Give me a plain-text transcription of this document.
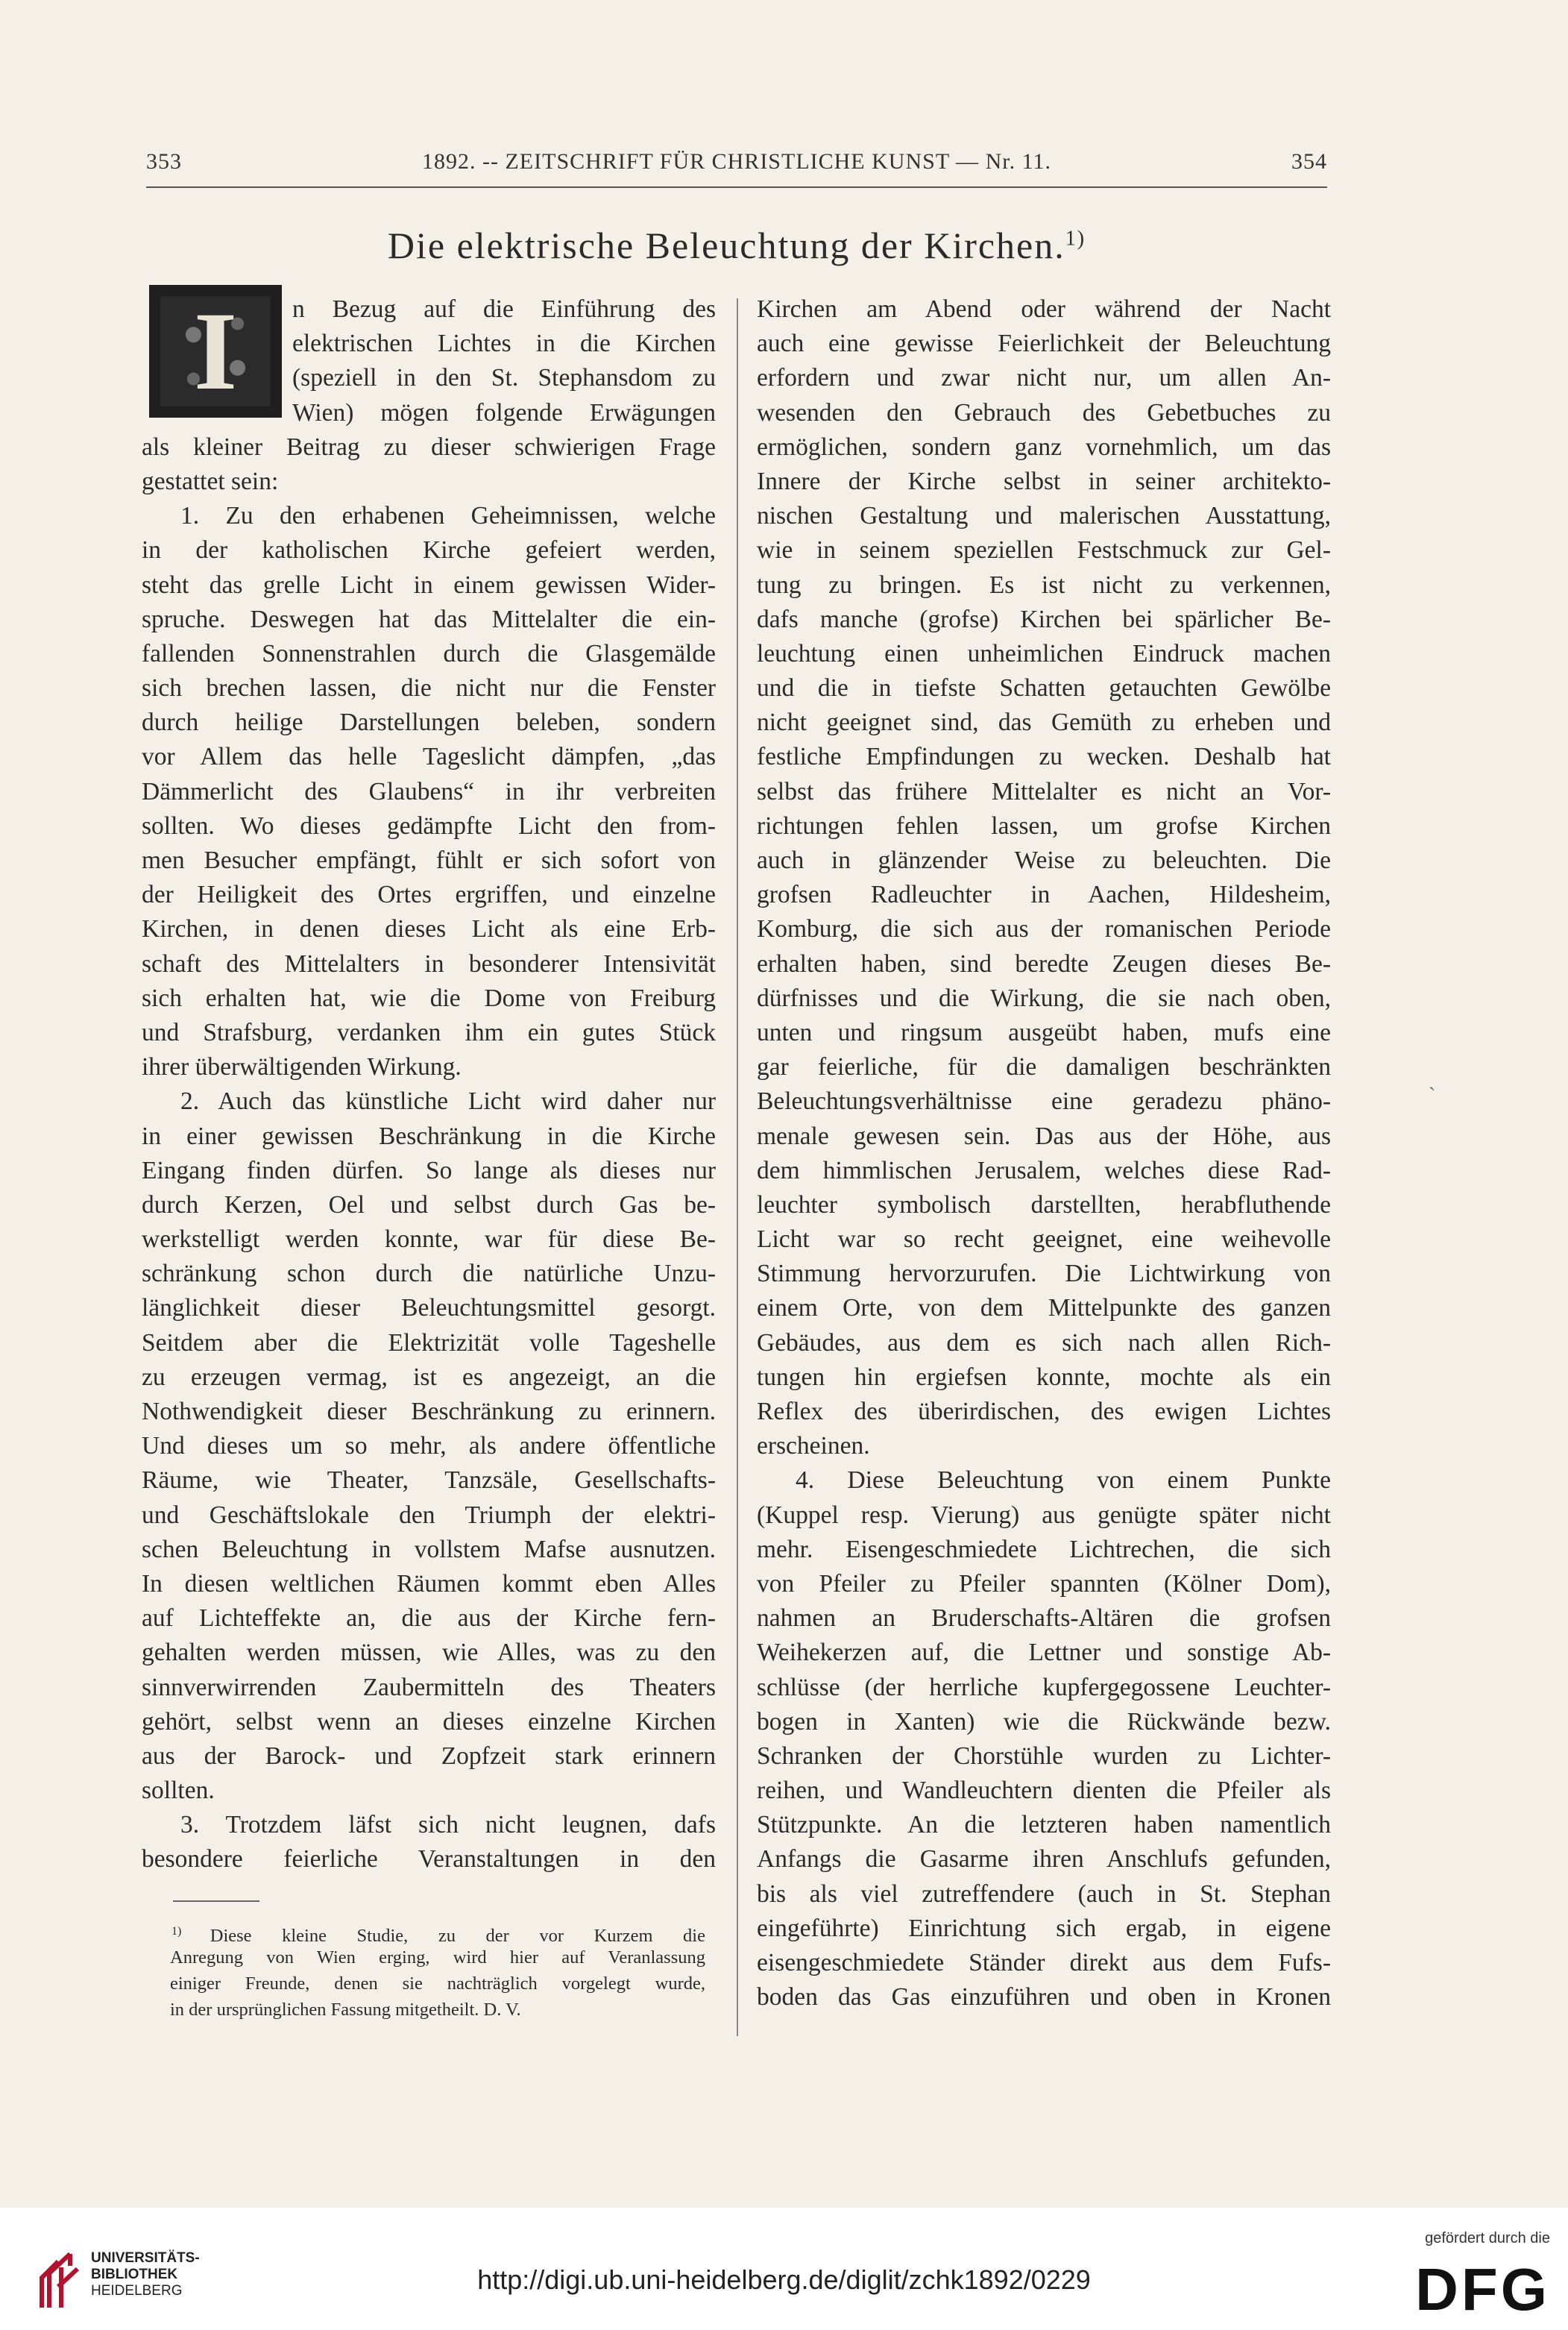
353	1892. -- ZEITSCHRIFT FÜR CHRISTLICHE KUNST — Nr. 11.	354
Die elektrische Beleuchtung der Kirchen.$^{1)}$
I	n Bezug auf die Einführung des
elektrischen Lichtes in die Kirchen
(speziell in den St. Stephansdom zu
Wien) mögen folgende Erwägungen
als kleiner Beitrag zu dieser schwierigen Frage
gestattet sein:
1. Zu den erhabenen Geheimnissen, welche
in der katholischen Kirche gefeiert werden,
steht das grelle Licht in einem gewissen Wider-
spruche. Deswegen hat das Mittelalter die ein-
fallenden Sonnenstrahlen durch die Glasgemälde
sich brechen lassen, die nicht nur die Fenster
durch heilige Darstellungen beleben, sondern
vor Allem das helle Tageslicht dämpfen, „das
Dämmerlicht des Glaubens“ in ihr verbreiten
sollten. Wo dieses gedämpfte Licht den from-
men Besucher empfängt, fühlt er sich sofort von
der Heiligkeit des Ortes ergriffen, und einzelne
Kirchen, in denen dieses Licht als eine Erb-
schaft des Mittelalters in besonderer Intensivität
sich erhalten hat, wie die Dome von Freiburg
und Strafsburg, verdanken ihm ein gutes Stück
ihrer überwältigenden Wirkung.
2. Auch das künstliche Licht wird daher nur
in einer gewissen Beschränkung in die Kirche
Eingang finden dürfen. So lange als dieses nur
durch Kerzen, Oel und selbst durch Gas be-
werkstelligt werden konnte, war für diese Be-
schränkung schon durch die natürliche Unzu-
länglichkeit dieser Beleuchtungsmittel gesorgt.
Seitdem aber die Elektrizität volle Tageshelle
zu erzeugen vermag, ist es angezeigt, an die
Nothwendigkeit dieser Beschränkung zu erinnern.
Und dieses um so mehr, als andere öffentliche
Räume, wie Theater, Tanzsäle, Gesellschafts-
und Geschäftslokale den Triumph der elektri-
schen Beleuchtung in vollstem Mafse ausnutzen.
In diesen weltlichen Räumen kommt eben Alles
auf Lichteffekte an, die aus der Kirche fern-
gehalten werden müssen, wie Alles, was zu den
sinnverwirrenden Zaubermitteln des Theaters
gehört, selbst wenn an dieses einzelne Kirchen
aus der Barock- und Zopfzeit stark erinnern
sollten.
3. Trotzdem läfst sich nicht leugnen, dafs
besondere feierliche Veranstaltungen in den
Kirchen am Abend oder während der Nacht
auch eine gewisse Feierlichkeit der Beleuchtung
erfordern und zwar nicht nur, um allen An-
wesenden den Gebrauch des Gebetbuches zu
ermöglichen, sondern ganz vornehmlich, um das
Innere der Kirche selbst in seiner architekto-
nischen Gestaltung und malerischen Ausstattung,
wie in seinem speziellen Festschmuck zur Gel-
tung zu bringen. Es ist nicht zu verkennen,
dafs manche (grofse) Kirchen bei spärlicher Be-
leuchtung einen unheimlichen Eindruck machen
und die in tiefste Schatten getauchten Gewölbe
nicht geeignet sind, das Gemüth zu erheben und
festliche Empfindungen zu wecken. Deshalb hat
selbst das frühere Mittelalter es nicht an Vor-
richtungen fehlen lassen, um grofse Kirchen
auch in glänzender Weise zu beleuchten. Die
grofsen Radleuchter in Aachen, Hildesheim,
Komburg, die sich aus der romanischen Periode
erhalten haben, sind beredte Zeugen dieses Be-
dürfnisses und die Wirkung, die sie nach oben,
unten und ringsum ausgeübt haben, mufs eine
gar feierliche, für die damaligen beschränkten
Beleuchtungsverhältnisse eine geradezu phäno-
menale gewesen sein. Das aus der Höhe, aus
dem himmlischen Jerusalem, welches diese Rad-
leuchter symbolisch darstellten, herabfluthende
Licht war so recht geeignet, eine weihevolle
Stimmung hervorzurufen. Die Lichtwirkung von
einem Orte, von dem Mittelpunkte des ganzen
Gebäudes, aus dem es sich nach allen Rich-
tungen hin ergiefsen konnte, mochte als ein
Reflex des überirdischen, des ewigen Lichtes
erscheinen.
4. Diese Beleuchtung von einem Punkte
(Kuppel resp. Vierung) aus genügte später nicht
mehr. Eisengeschmiedete Lichtrechen, die sich
von Pfeiler zu Pfeiler spannten (Kölner Dom),
nahmen an Bruderschafts-Altären die grofsen
Weihekerzen auf, die Lettner und sonstige Ab-
schlüsse (der herrliche kupfergegossene Leuchter-
bogen in Xanten) wie die Rückwände bezw.
Schranken der Chorstühle wurden zu Lichter-
reihen, und Wandleuchtern dienten die Pfeiler als
Stützpunkte. An die letzteren haben namentlich
Anfangs die Gasarme ihren Anschlufs gefunden,
bis als viel zutreffendere (auch in St. Stephan
eingeführte) Einrichtung sich ergab, in eigene
eisengeschmiedete Ständer direkt aus dem Fufs-
boden das Gas einzuführen und oben in Kronen
$^{1)}$ Diese kleine Studie, zu der vor Kurzem die
Anregung von Wien erging, wird hier auf Veranlassung
einiger Freunde, denen sie nachträglich vorgelegt wurde,
in der ursprünglichen Fassung mitgetheilt. D. V.
ˏ
UNIVERSITÄTS-
BIBLIOTHEK
HEIDELBERG	http://digi.ub.uni-heidelberg.de/diglit/zchk1892/0229
gefördert durch die
DFG
